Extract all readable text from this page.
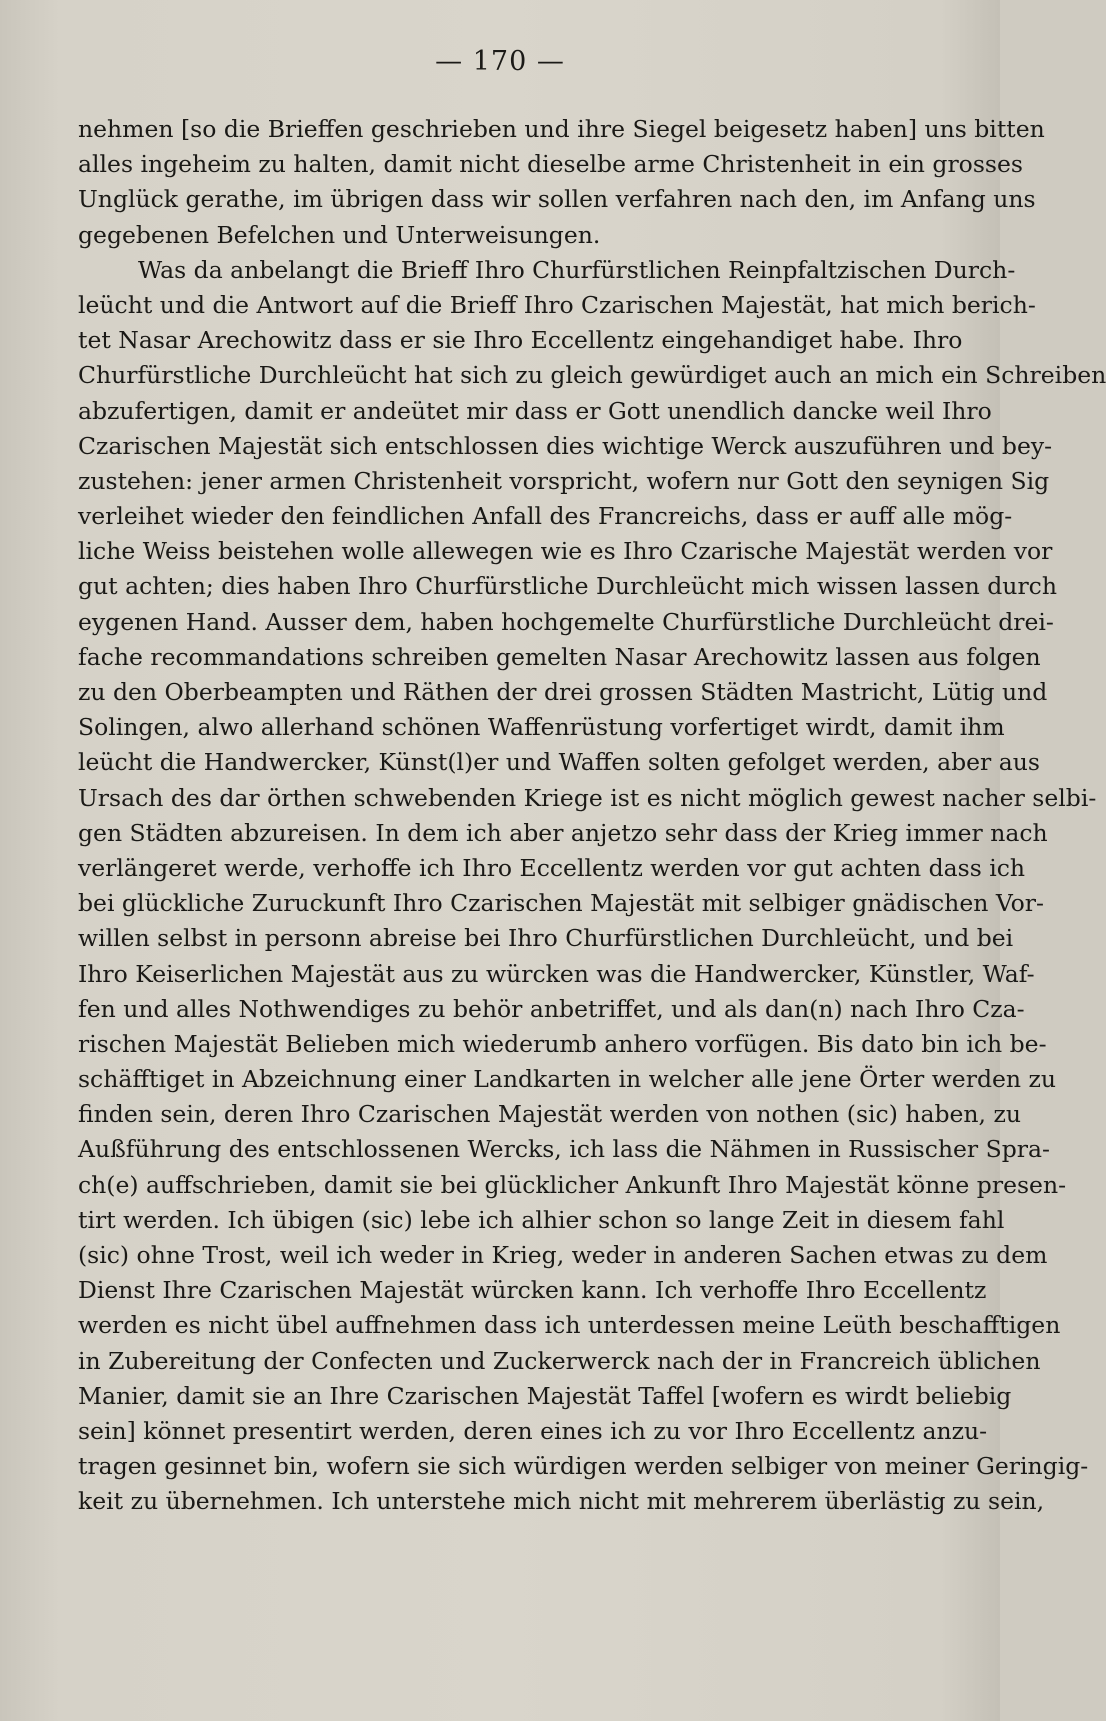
— 170 —
nehmen [so die Brieffen geschrieben und ihre Siegel beigesetz haben] uns bitten
alles ingeheim zu halten, damit nicht dieselbe arme Christenheit in ein grosses
Unglück gerathe, im übrigen dass wir sollen verfahren nach den, im Anfang uns
gegebenen Befelchen und Unterweisungen.
Was da anbelangt die Brieff Ihro Churfürstlichen Reinpfaltzischen Durch-
leücht und die Antwort auf die Brieff Ihro Czarischen Majestät, hat mich berich-
tet Nasar Arechowitz dass er sie Ihro Eccellentz eingehandiget habe. Ihro
Churfürstliche Durchleücht hat sich zu gleich gewürdiget auch an mich ein Schreiben
abzufertigen, damit er andeütet mir dass er Gott unendlich dancke weil Ihro
Czarischen Majestät sich entschlossen dies wichtige Werck auszuführen und bey-
zustehen: jener armen Christenheit vorspricht, wofern nur Gott den seynigen Sig
verleihet wieder den feindlichen Anfall des Francreichs, dass er auff alle mög-
liche Weiss beistehen wolle allewegen wie es Ihro Czarische Majestät werden vor
gut achten; dies haben Ihro Churfürstliche Durchleücht mich wissen lassen durch
eygenen Hand. Ausser dem, haben hochgemelte Churfürstliche Durchleücht drei-
fache recommandations schreiben gemelten Nasar Arechowitz lassen aus folgen
zu den Oberbeampten und Räthen der drei grossen Städten Mastricht, Lütig und
Solingen, alwo allerhand schönen Waffenrüstung vorfertiget wirdt, damit ihm
leücht die Handwercker, Künst(l)er und Waffen solten gefolget werden, aber aus
Ursach des dar örthen schwebenden Kriege ist es nicht möglich gewest nacher selbi-
gen Städten abzureisen. In dem ich aber anjetzo sehr dass der Krieg immer nach
verlängeret werde, verhoffe ich Ihro Eccellentz werden vor gut achten dass ich
bei glückliche Zuruckunft Ihro Czarischen Majestät mit selbiger gnädischen Vor-
willen selbst in personn abreise bei Ihro Churfürstlichen Durchleücht, und bei
Ihro Keiserlichen Majestät aus zu würcken was die Handwercker, Künstler, Waf-
fen und alles Nothwendiges zu behör anbetriffet, und als dan(n) nach Ihro Cza-
rischen Majestät Belieben mich wiederumb anhero vorfügen. Bis dato bin ich be-
schäfftiget in Abzeichnung einer Landkarten in welcher alle jene Örter werden zu
finden sein, deren Ihro Czarischen Majestät werden von nothen (sic) haben, zu
Außführung des entschlossenen Wercks, ich lass die Nähmen in Russischer Spra-
ch(e) auffschrieben, damit sie bei glücklicher Ankunft Ihro Majestät könne presen-
tirt werden. Ich übigen (sic) lebe ich alhier schon so lange Zeit in diesem fahl
(sic) ohne Trost, weil ich weder in Krieg, weder in anderen Sachen etwas zu dem
Dienst Ihre Czarischen Majestät würcken kann. Ich verhoffe Ihro Eccellentz
werden es nicht übel auffnehmen dass ich unterdessen meine Leüth beschafftigen
in Zubereitung der Confecten und Zuckerwerck nach der in Francreich üblichen
Manier, damit sie an Ihre Czarischen Majestät Taffel [wofern es wirdt beliebig
sein] könnet presentirt werden, deren eines ich zu vor Ihro Eccellentz anzu-
tragen gesinnet bin, wofern sie sich würdigen werden selbiger von meiner Geringig-
keit zu übernehmen. Ich unterstehe mich nicht mit mehrerem überlästig zu sein,
